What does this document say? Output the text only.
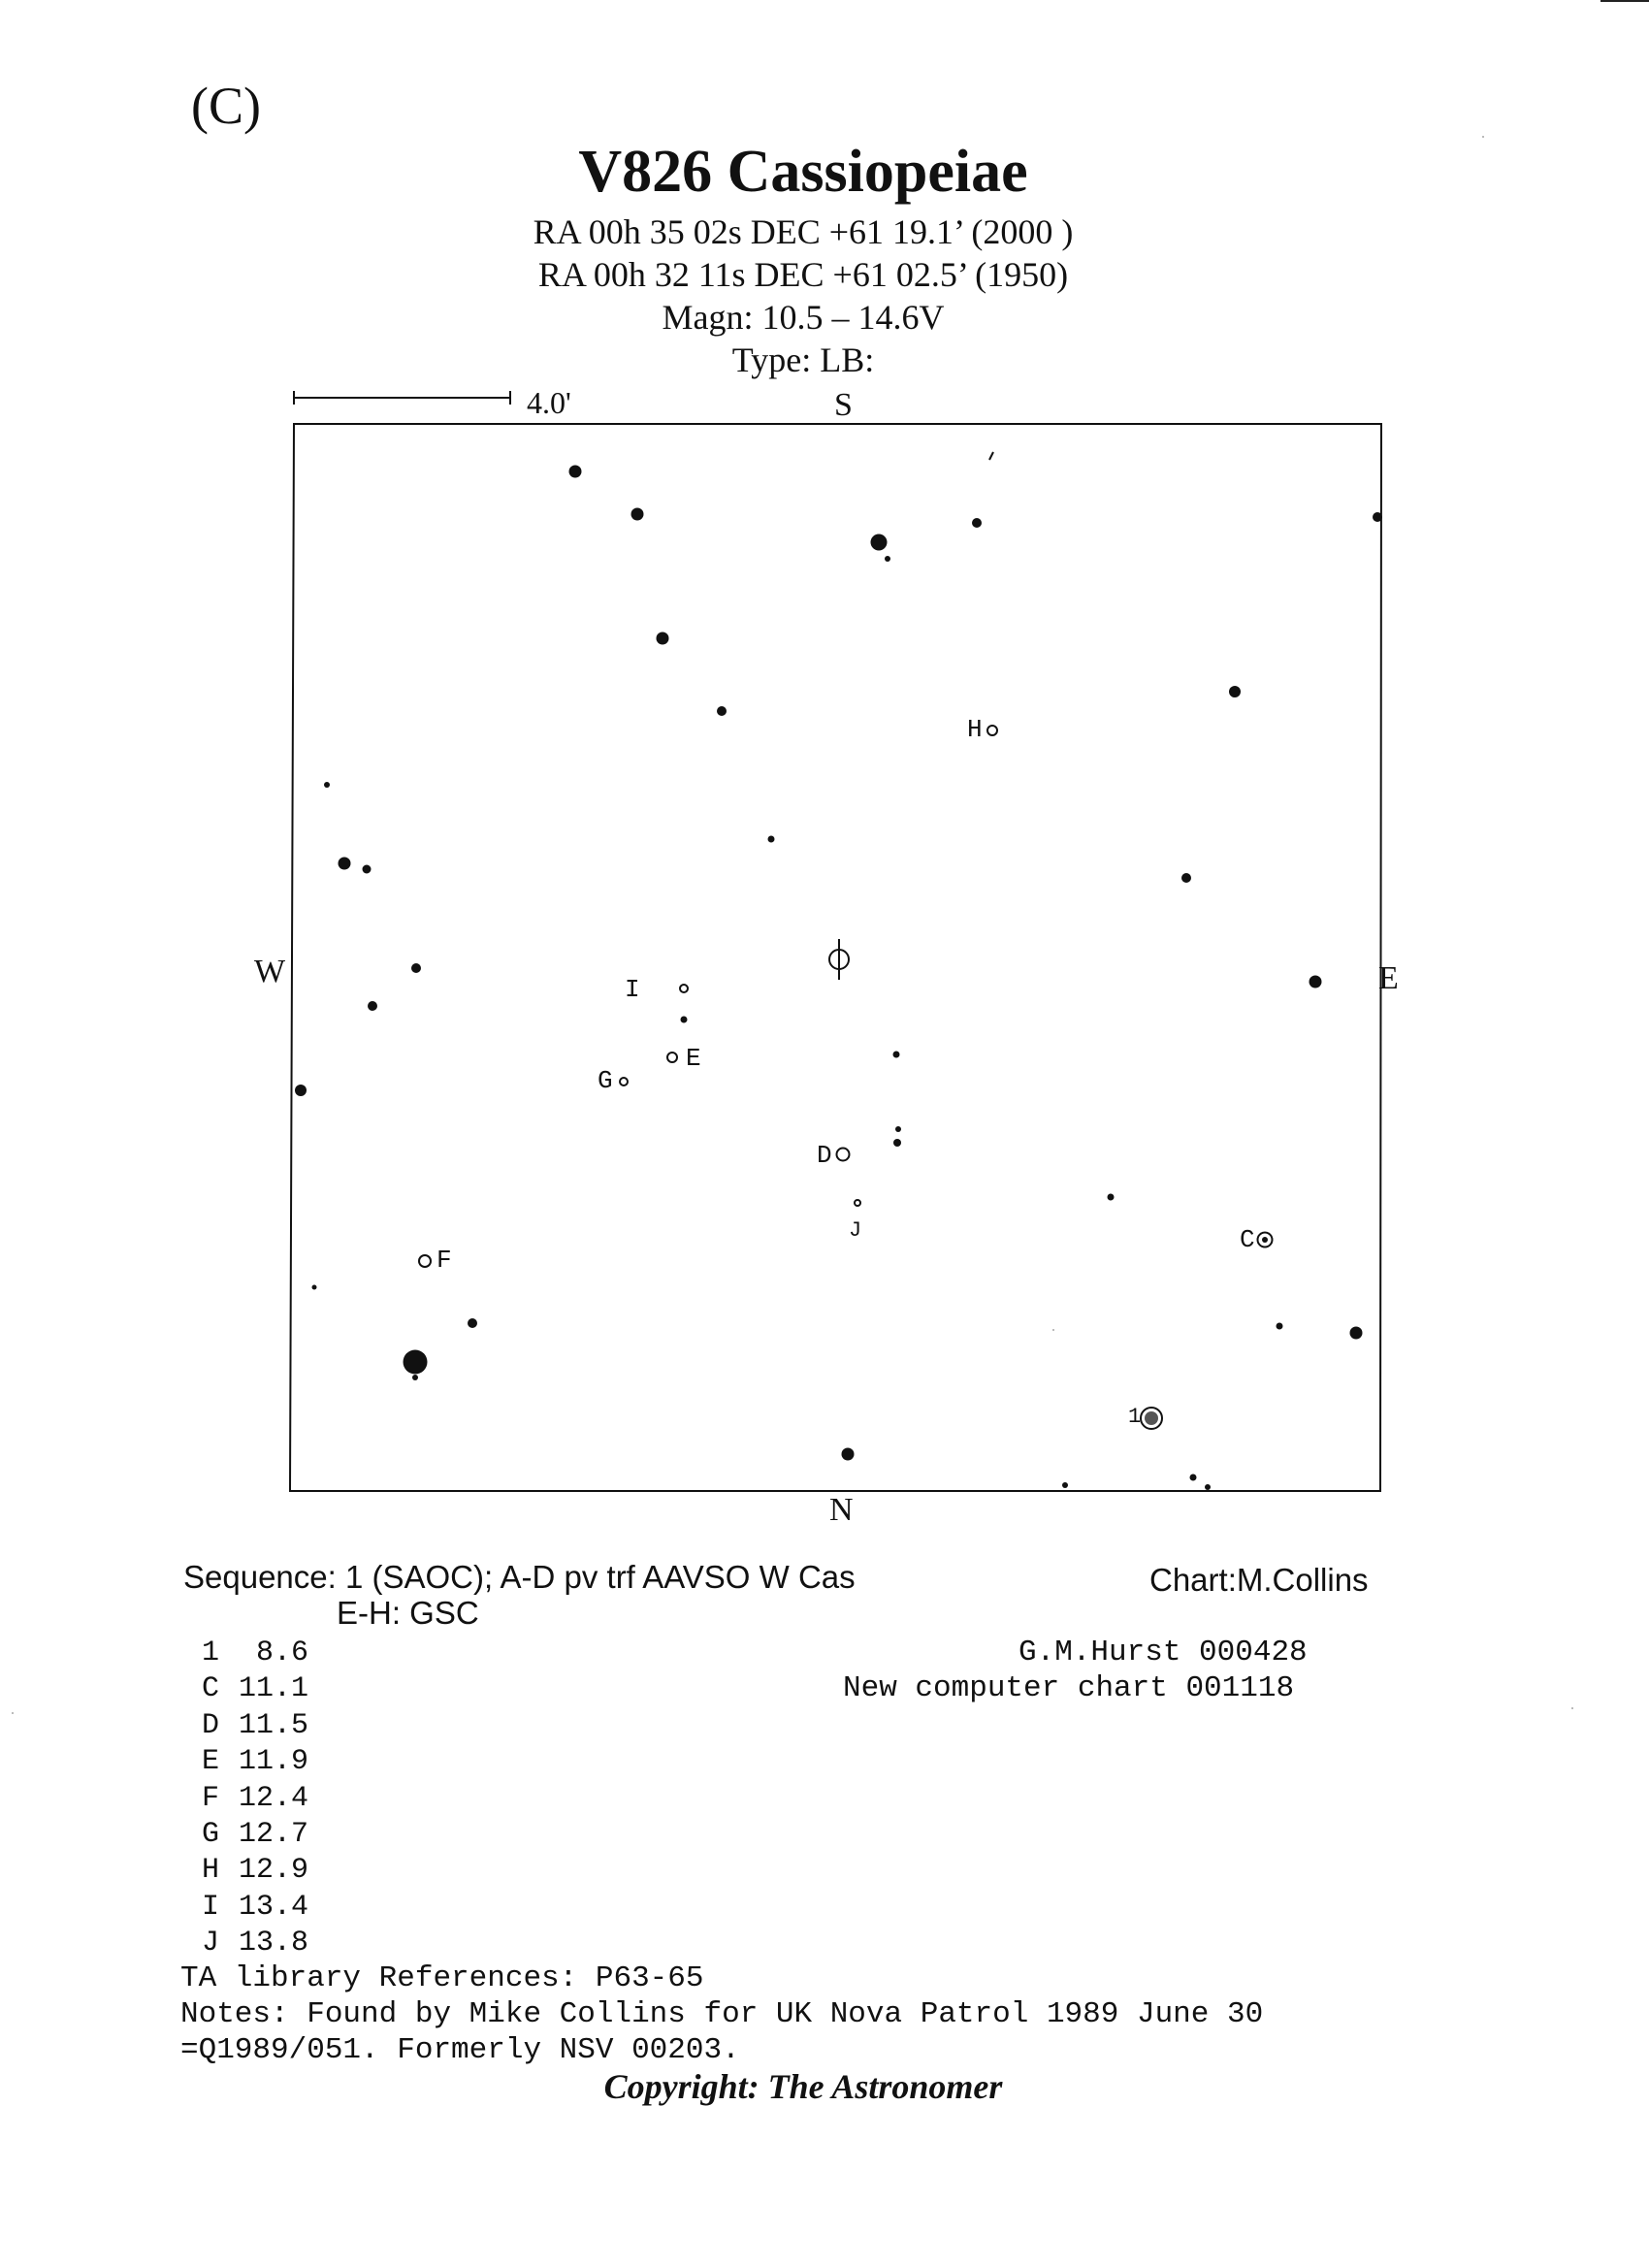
(C)
V826 Cassiopeiae
RA 00h 35 02s DEC +61 19.1’ (2000 )
RA 00h 32 11s DEC +61 02.5’ (1950)
Magn: 10.5 – 14.6V
Type: LB:
4.0'	S
N
W	E
I
E
G
D
J
H
F
C
1
Sequence: 1 (SAOC); A-D pv trf AAVSO W Cas
E-H: GSC
Chart:M.Collins
1 8.6
C 11.1
D 11.5
E 11.9
F 12.4
G 12.7
H 12.9
I 13.4
J 13.8
G.M.Hurst 000428
New computer chart 001118
TA library References: P63-65
Notes: Found by Mike Collins for UK Nova Patrol 1989 June 30
=Q1989/051. Formerly NSV 00203.
Copyright: The Astronomer
